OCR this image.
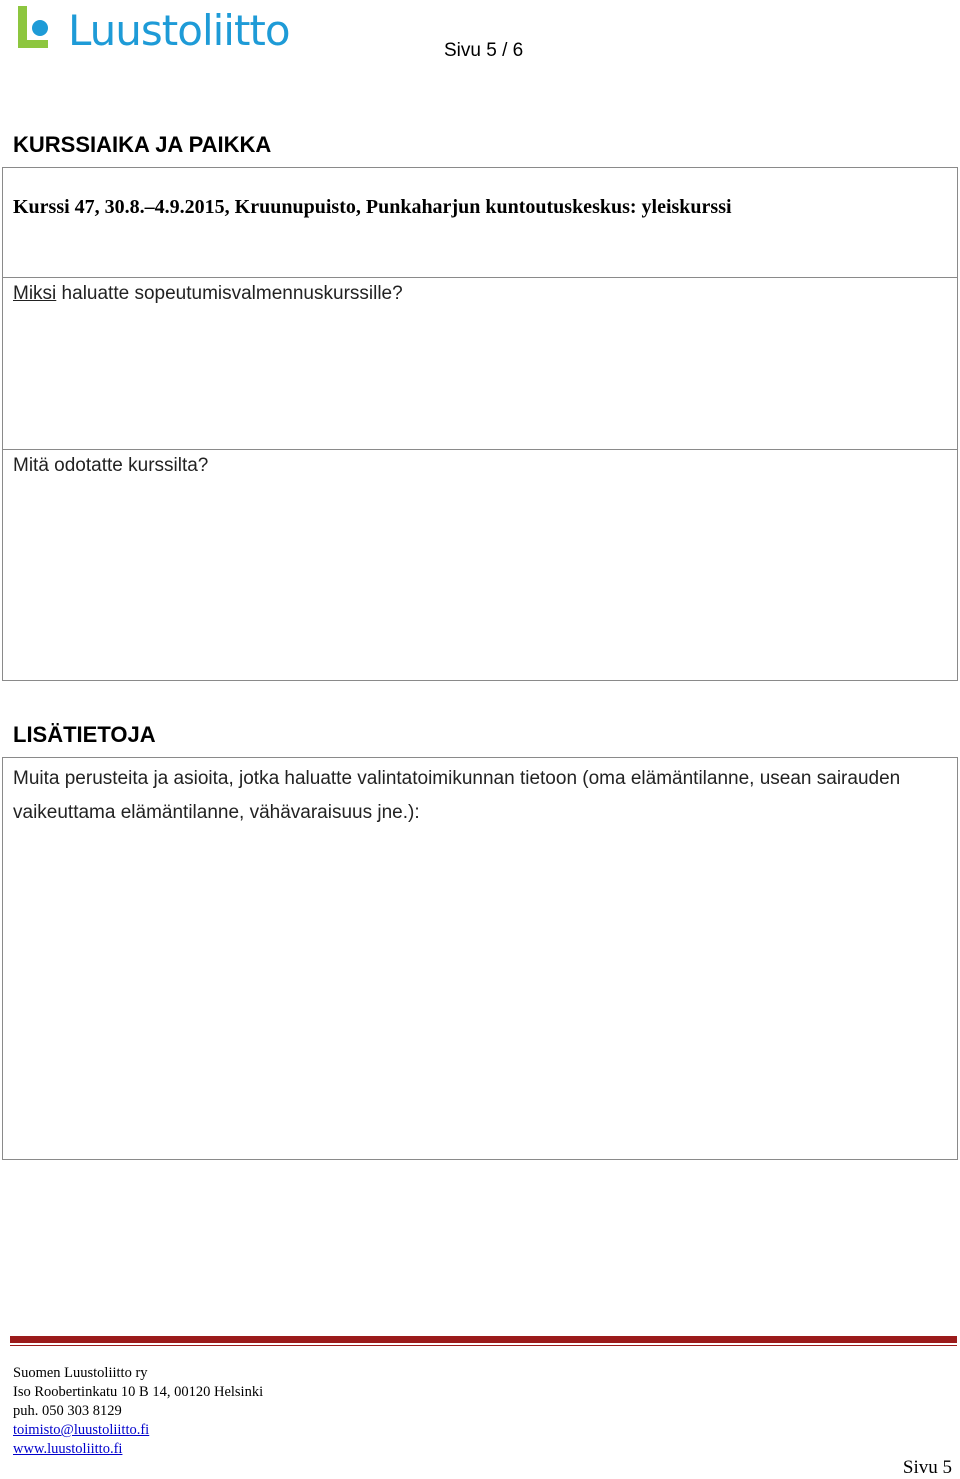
Luustoliitto	Sivu 5 / 6
KURSSIAIKA JA PAIKKA
Kurssi 47, 30.8.–4.9.2015, Kruunupuisto, Punkaharjun kuntoutuskeskus: yleiskurssi
Miksi haluatte sopeutumisvalmennuskurssille?
Mitä odotatte kurssilta?
LISÄTIETOJA
Muita perusteita ja asioita, jotka haluatte valintatoimikunnan tietoon (oma elämäntilanne, usean sairauden vaikeuttama elämäntilanne, vähävaraisuus jne.):
Suomen Luustoliitto ry
Iso Roobertinkatu 10 B 14, 00120 Helsinki
puh. 050 303 8129
toimisto@luustoliitto.fi
www.luustoliitto.fi
Sivu 5
